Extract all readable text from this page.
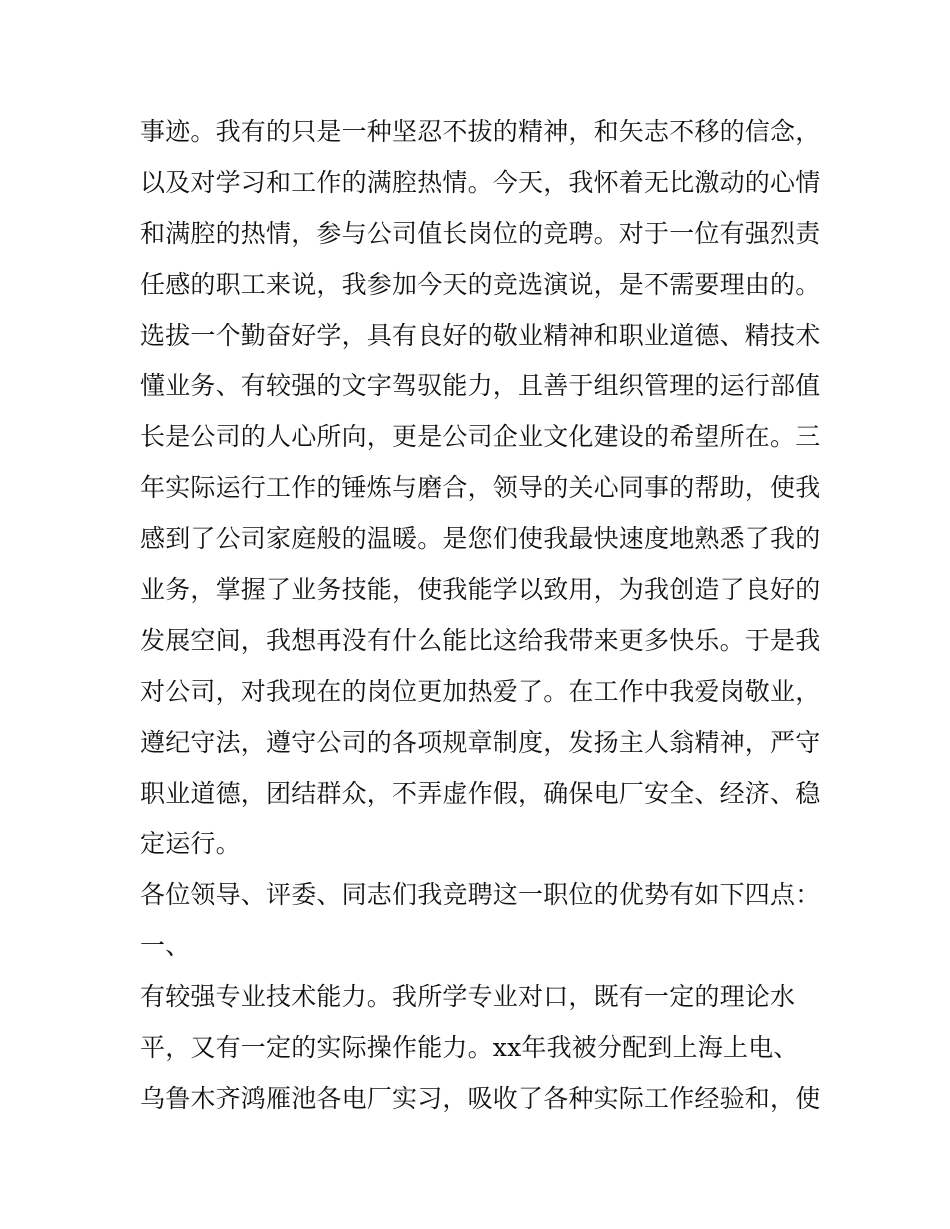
事迹。我有的只是一种坚忍不拔的精神，和矢志不移的信念，
以及对学习和工作的满腔热情。今天，我怀着无比激动的心情
和满腔的热情，参与公司值长岗位的竞聘。对于一位有强烈责
任感的职工来说，我参加今天的竞选演说，是不需要理由的。
选拔一个勤奋好学，具有良好的敬业精神和职业道德、精技术
懂业务、有较强的文字驾驭能力，且善于组织管理的运行部值
长是公司的人心所向，更是公司企业文化建设的希望所在。三
年实际运行工作的锤炼与磨合，领导的关心同事的帮助，使我
感到了公司家庭般的温暖。是您们使我最快速度地熟悉了我的
业务，掌握了业务技能，使我能学以致用，为我创造了良好的
发展空间，我想再没有什么能比这给我带来更多快乐。于是我
对公司，对我现在的岗位更加热爱了。在工作中我爱岗敬业，
遵纪守法，遵守公司的各项规章制度，发扬主人翁精神，严守
职业道德，团结群众，不弄虚作假，确保电厂安全、经济、稳
定运行。
各位领导、评委、同志们我竞聘这一职位的优势有如下四点：
一、
有较强专业技术能力。我所学专业对口，既有一定的理论水
平，又有一定的实际操作能力。xx年我被分配到上海上电、
乌鲁木齐鸿雁池各电厂实习，吸收了各种实际工作经验和，使
